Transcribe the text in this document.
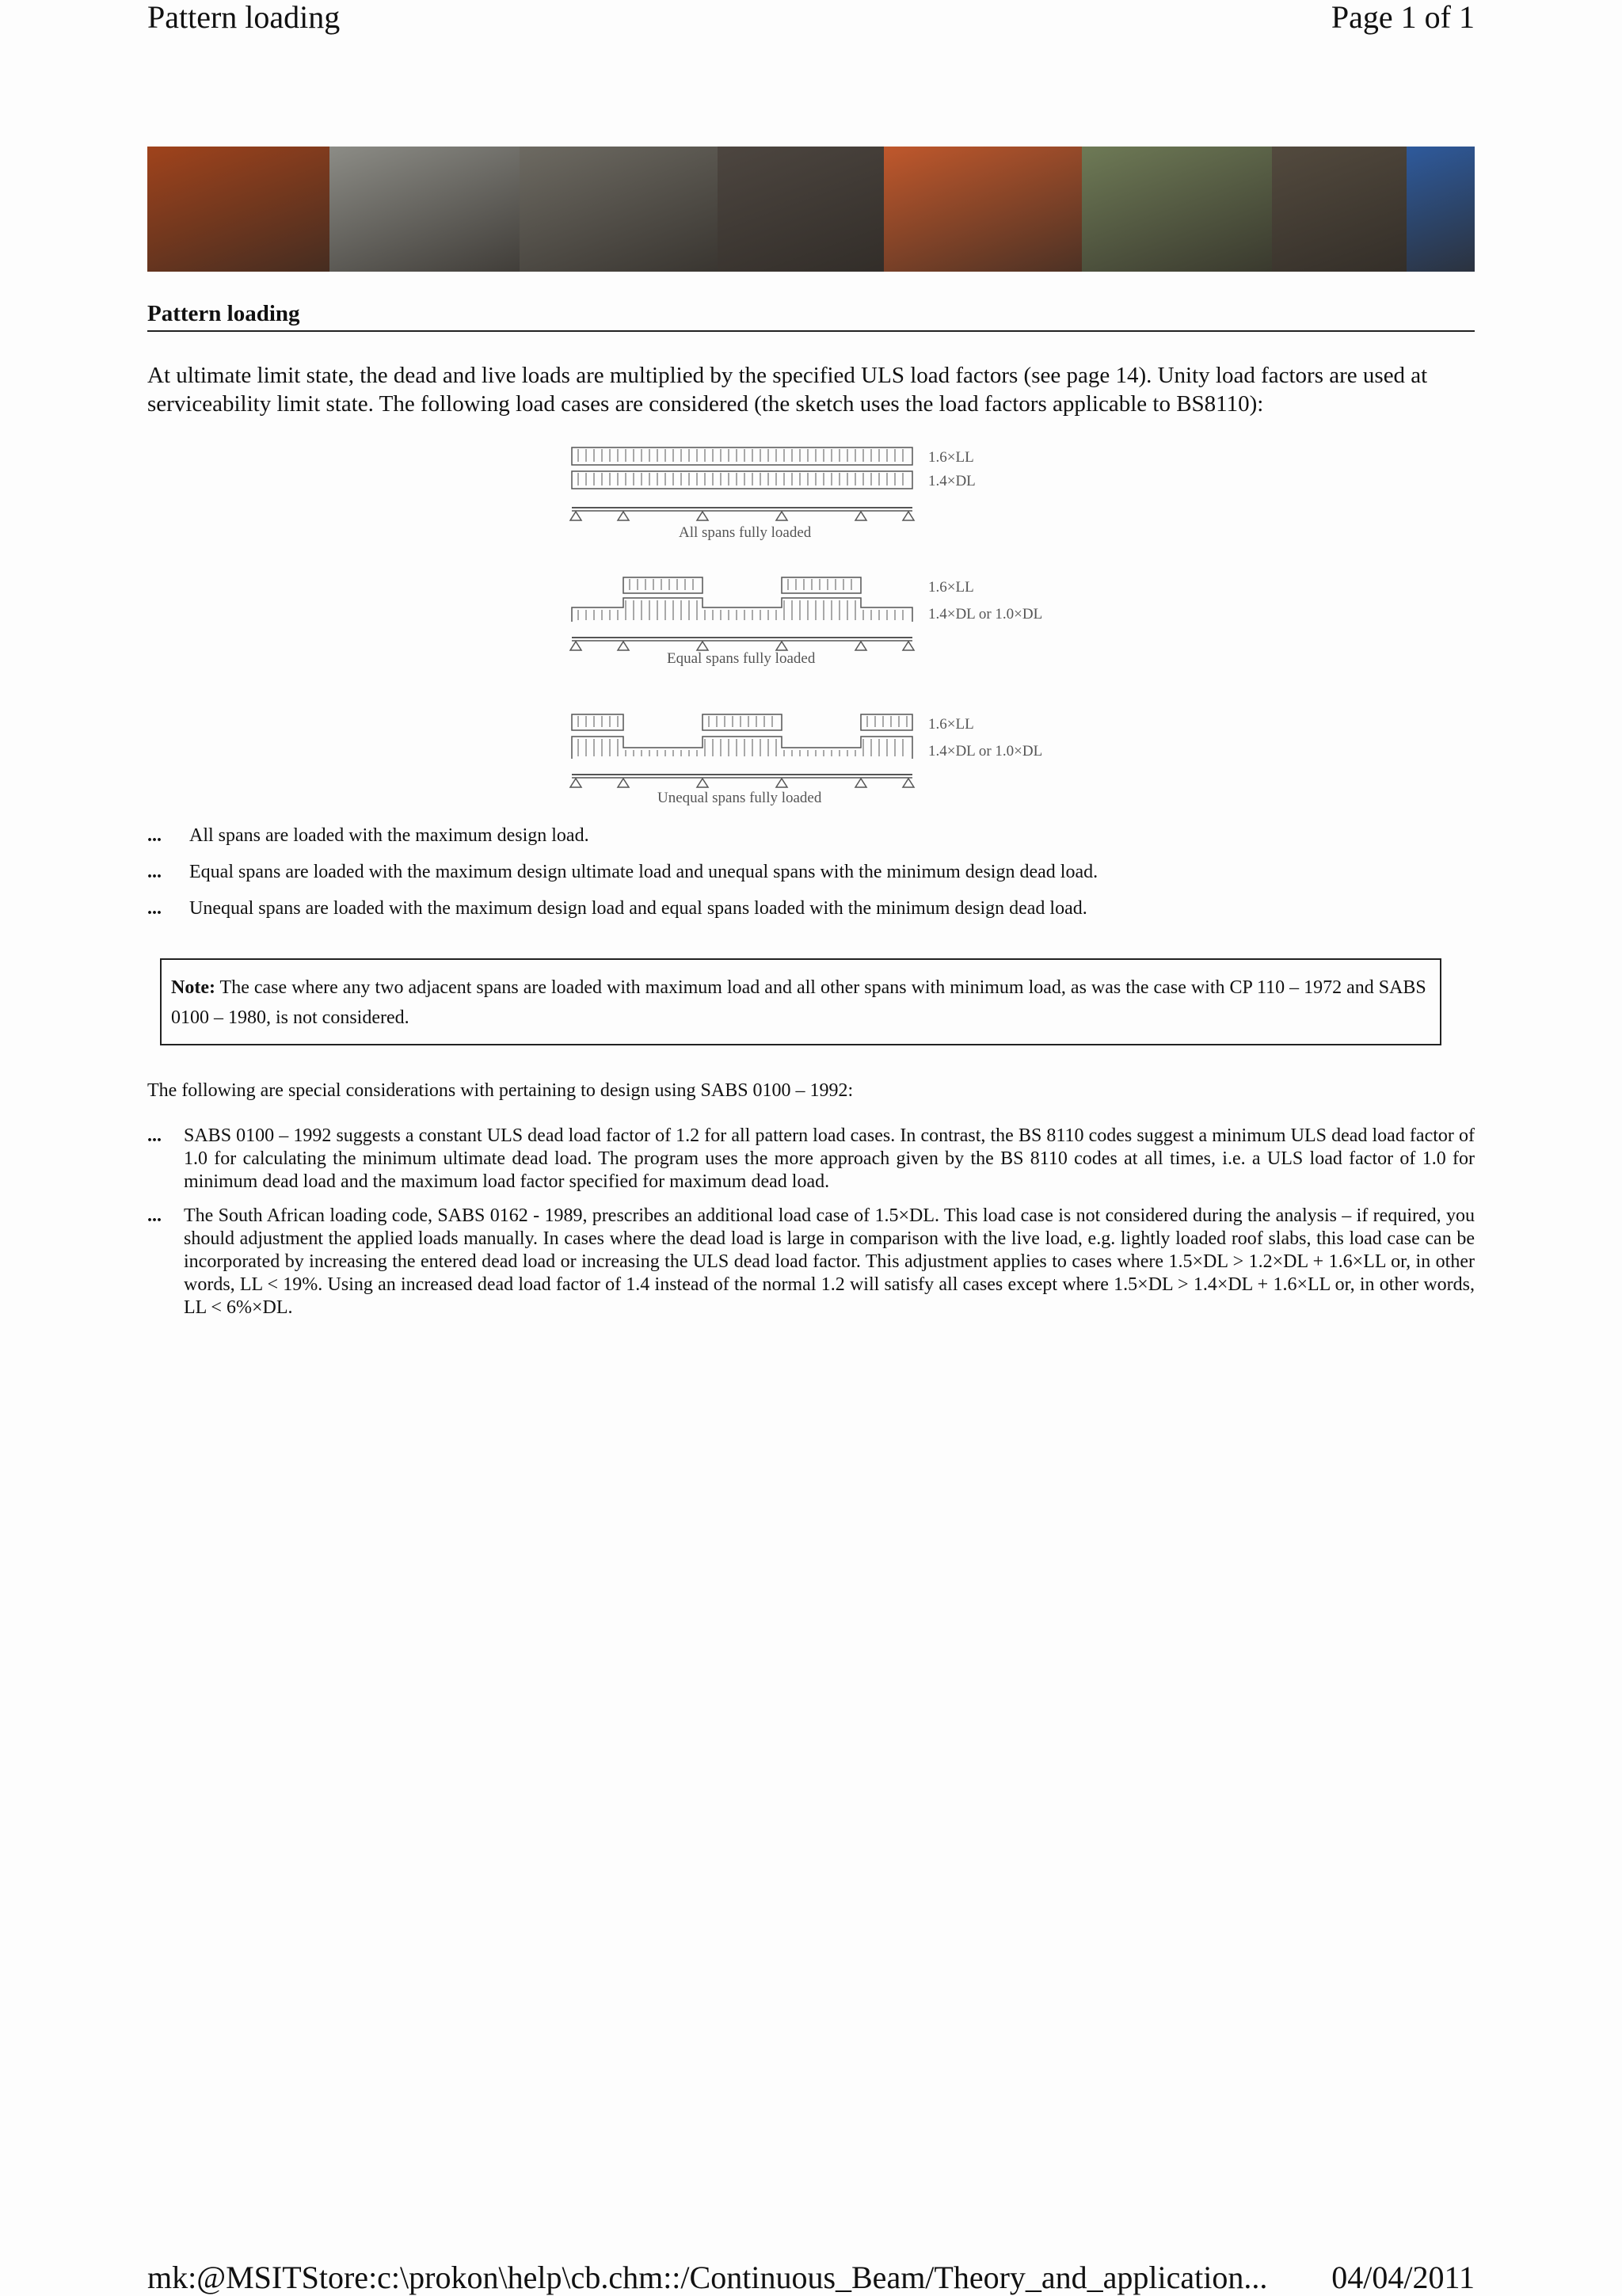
Pattern loading	Page 1 of 1
Pattern loading
At ultimate limit state, the dead and live loads are multiplied by the specified ULS load factors (see page 14). Unity load factors are used at serviceability limit state. The following load cases are considered (the sketch uses the load factors applicable to BS8110):
1.6×LL
1.4×DL
All spans fully loaded
1.6×LL
1.4×DL or 1.0×DL
Equal spans fully loaded
1.6×LL
1.4×DL or 1.0×DL
Unequal spans fully loaded
... All spans are loaded with the maximum design load.
... Equal spans are loaded with the maximum design ultimate load and unequal spans with the minimum design dead load.
... Unequal spans are loaded with the maximum design load and equal spans loaded with the minimum design dead load.
Note: The case where any two adjacent spans are loaded with maximum load and all other spans with minimum load, as was the case with CP 110 – 1972 and SABS 0100 – 1980, is not considered.
The following are special considerations with pertaining to design using SABS 0100 – 1992:
... SABS 0100 – 1992 suggests a constant ULS dead load factor of 1.2 for all pattern load cases. In contrast, the BS 8110 codes suggest a minimum ULS dead load factor of 1.0 for calculating the minimum ultimate dead load. The program uses the more approach given by the BS 8110 codes at all times, i.e. a ULS load factor of 1.0 for minimum dead load and the maximum load factor specified for maximum dead load.
... The South African loading code, SABS 0162 - 1989, prescribes an additional load case of 1.5×DL. This load case is not considered during the analysis – if required, you should adjustment the applied loads manually. In cases where the dead load is large in comparison with the live load, e.g. lightly loaded roof slabs, this load case can be incorporated by increasing the entered dead load or increasing the ULS dead load factor. This adjustment applies to cases where 1.5×DL > 1.2×DL + 1.6×LL or, in other words, LL < 19%. Using an increased dead load factor of 1.4 instead of the normal 1.2 will satisfy all cases except where 1.5×DL > 1.4×DL + 1.6×LL or, in other words, LL < 6%×DL.
mk:@MSITStore:c:\prokon\help\cb.chm::/Continuous_Beam/Theory_and_application... 04/04/2011
